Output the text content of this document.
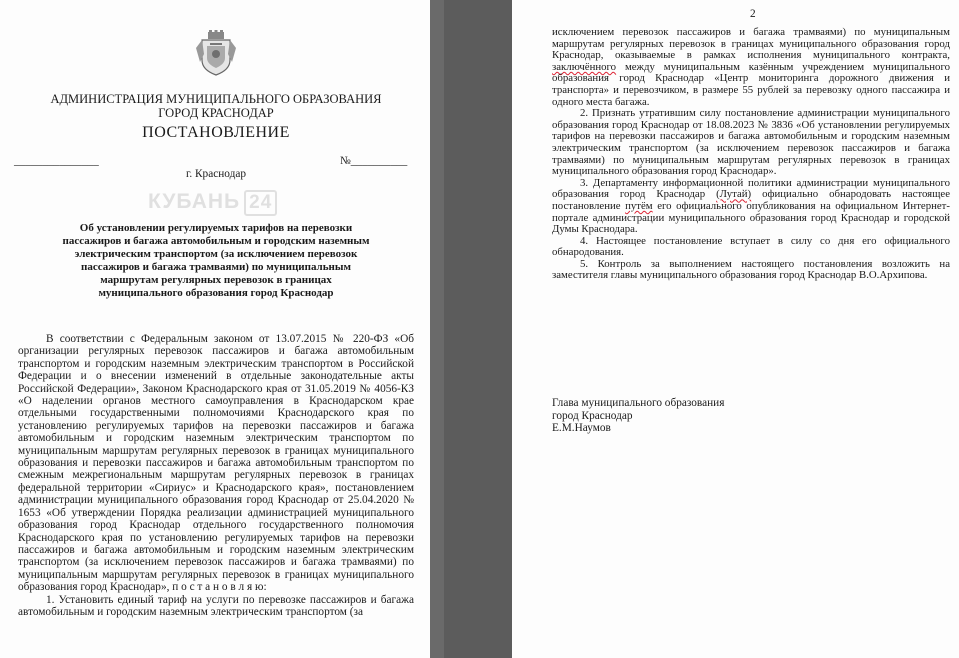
АДМИНИСТРАЦИЯ МУНИЦИПАЛЬНОГО ОБРАЗОВАНИЯ
ГОРОД КРАСНОДАР
ПОСТАНОВЛЕНИЕ
_______________	№__________
г. Краснодар
КУБАНЬ 24
Об установлении регулируемых тарифов на перевозки пассажиров и багажа автомобильным и городским наземным электрическим транспортом (за исключением перевозок пассажиров и багажа трамваями) по муниципальным маршрутам регулярных перевозок в границах муниципального образования город Краснодар

В соответствии с Федеральным законом от 13.07.2015 № 220-ФЗ «Об организации регулярных перевозок пассажиров и багажа автомобильным транспортом и городским наземным электрическим транспортом в Российской Федерации и о внесении изменений в отдельные законодательные акты Российской Федерации», Законом Краснодарского края от 31.05.2019 № 4056-КЗ «О наделении органов местного самоуправления в Краснодарском крае отдельными государственными полномочиями Краснодарского края по установлению регулируемых тарифов на перевозки пассажиров и багажа автомобильным и городским наземным электрическим транспортом по муниципальным маршрутам регулярных перевозок в границах муниципального образования и перевозки пассажиров и багажа автомобильным транспортом по смежным межрегиональным маршрутам регулярных перевозок в границах федеральной территории «Сириус» и Краснодарского края», постановлением администрации муниципального образования город Краснодар от 25.04.2020 № 1653 «Об утверждении Порядка реализации администрацией муниципального образования город Краснодар отдельного государственного полномочия Краснодарского края по установлению регулируемых тарифов на перевозки пассажиров и багажа автомобильным и городским наземным электрическим транспортом (за исключением перевозок пассажиров и багажа трамваями) по муниципальным маршрутам регулярных перевозок в границах муниципального образования город Краснодар», п о с т а н о в л я ю:

1. Установить единый тариф на услуги по перевозке пассажиров и багажа автомобильным и городским наземным электрическим транспортом (за

2

исключением перевозок пассажиров и багажа трамваями) по муниципальным маршрутам регулярных перевозок в границах муниципального образования город Краснодар, оказываемые в рамках исполнения муниципального контракта, заключённого между муниципальным казённым учреждением муниципального образования город Краснодар «Центр мониторинга дорожного движения и транспорта» и перевозчиком, в размере 55 рублей за перевозку одного пассажира и одного места багажа.

2. Признать утратившим силу постановление администрации муниципального образования город Краснодар от 18.08.2023 № 3836 «Об установлении регулируемых тарифов на перевозки пассажиров и багажа автомобильным и городским наземным электрическим транспортом (за исключением перевозок пассажиров и багажа трамваями) по муниципальным маршрутам регулярных перевозок в границах муниципального образования город Краснодар».

3. Департаменту информационной политики администрации муниципального образования город Краснодар (Лутай) официально обнародовать настоящее постановление путём его официального опубликования на официальном Интернет-портале администрации муниципального образования город Краснодар и городской Думы Краснодара.

4. Настоящее постановление вступает в силу со дня его официального обнародования.

5. Контроль за выполнением настоящего постановления возложить на заместителя главы муниципального образования город Краснодар В.О.Архипова.

Глава муниципального образования
город Краснодар
Е.М.Наумов
